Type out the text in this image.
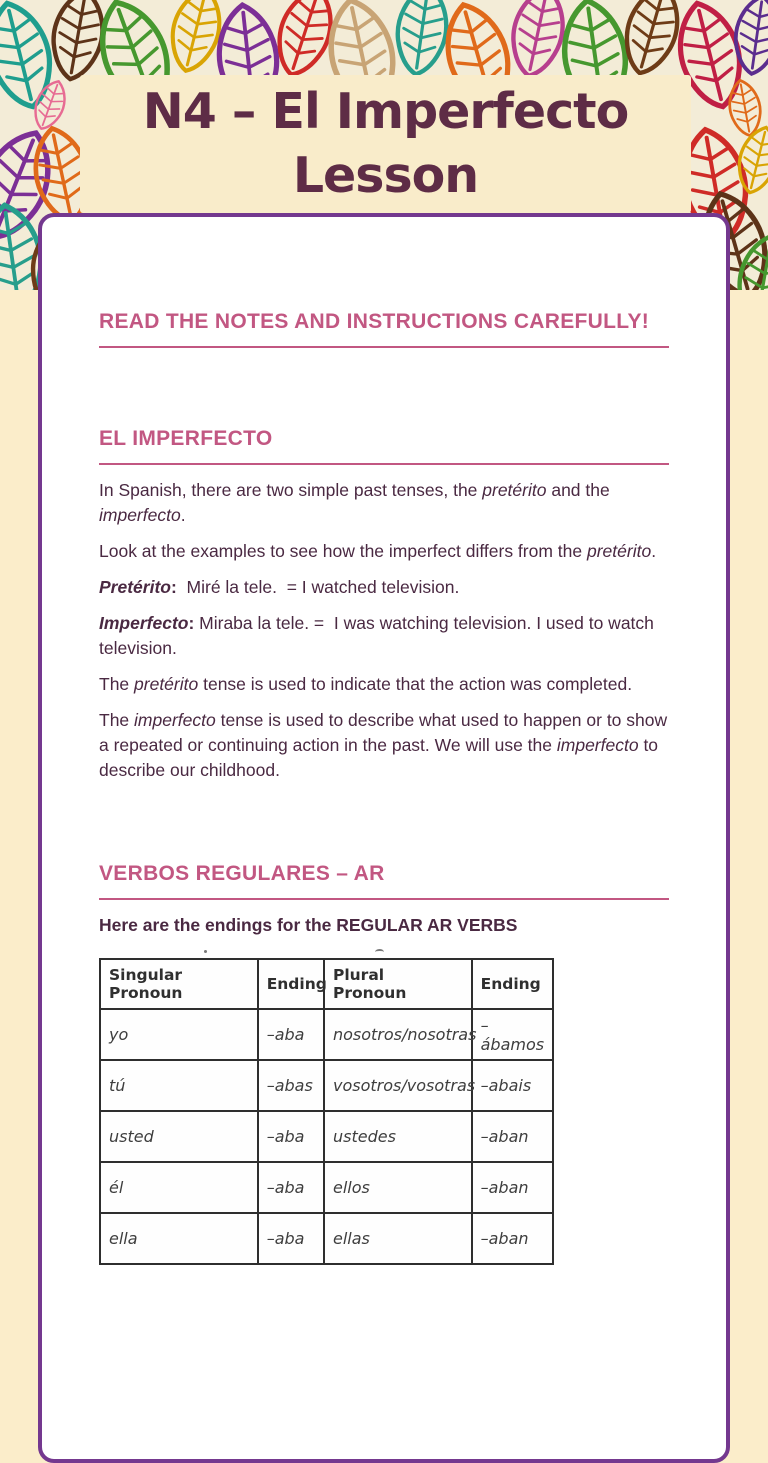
N4 – El Imperfecto
Lesson
READ THE NOTES AND INSTRUCTIONS CAREFULLY!
EL IMPERFECTO

In Spanish, there are two simple past tenses, the pretérito and the imperfecto.

Look at the examples to see how the imperfect differs from the pretérito.

Pretérito:  Miré la tele.  = I watched television.

Imperfecto: Miraba la tele. =  I was watching television. I used to watch television.

The pretérito tense is used to indicate that the action was completed.

The imperfecto tense is used to describe what used to happen or to show a repeated or continuing action in the past. We will use the imperfecto to describe our childhood.

VERBOS REGULARES – AR

Here are the endings for the REGULAR AR VERBS

Singular Pronoun	Ending	Plural Pronoun	Ending
yo	–aba	nosotros/nosotras	–ábamos
tú	–abas	vosotros/vosotras	–abais
usted	–aba	ustedes	–aban
él	–aba	ellos	–aban
ella	–aba	ellas	–aban
